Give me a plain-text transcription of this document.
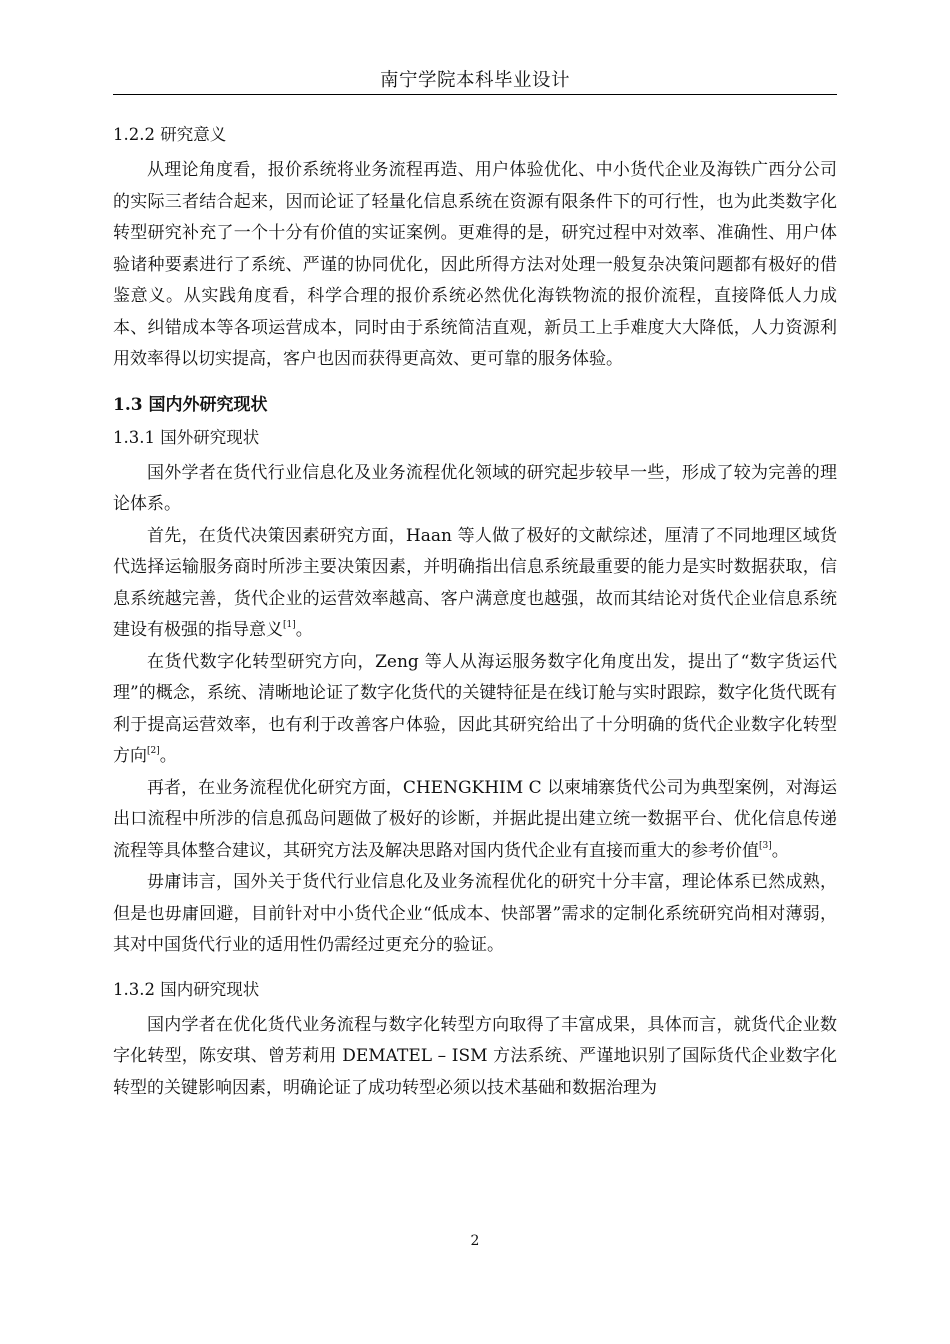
南宁学院本科毕业设计
1.2.2 研究意义

从理论角度看，报价系统将业务流程再造、用户体验优化、中小货代企业及海铁广西分公司的实际三者结合起来，因而论证了轻量化信息系统在资源有限条件下的可行性，也为此类数字化转型研究补充了一个十分有价值的实证案例。更难得的是，研究过程中对效率、准确性、用户体验诸种要素进行了系统、严谨的协同优化，因此所得方法对处理一般复杂决策问题都有极好的借鉴意义。从实践角度看，科学合理的报价系统必然优化海铁物流的报价流程，直接降低人力成本、纠错成本等各项运营成本，同时由于系统简洁直观，新员工上手难度大大降低，人力资源利用效率得以切实提高，客户也因而获得更高效、更可靠的服务体验。

1.3 国内外研究现状
1.3.1 国外研究现状

国外学者在货代行业信息化及业务流程优化领域的研究起步较早一些，形成了较为完善的理论体系。

首先，在货代决策因素研究方面，Haan 等人做了极好的文献综述，厘清了不同地理区域货代选择运输服务商时所涉主要决策因素，并明确指出信息系统最重要的能力是实时数据获取，信息系统越完善，货代企业的运营效率越高、客户满意度也越强，故而其结论对货代企业信息系统建设有极强的指导意义[1]。

在货代数字化转型研究方向，Zeng 等人从海运服务数字化角度出发，提出了“数字货运代理”的概念，系统、清晰地论证了数字化货代的关键特征是在线订舱与实时跟踪，数字化货代既有利于提高运营效率，也有利于改善客户体验，因此其研究给出了十分明确的货代企业数字化转型方向[2]。

再者，在业务流程优化研究方面，CHENGKHIM C 以柬埔寨货代公司为典型案例，对海运出口流程中所涉的信息孤岛问题做了极好的诊断，并据此提出建立统一数据平台、优化信息传递流程等具体整合建议，其研究方法及解决思路对国内货代企业有直接而重大的参考价值[3]。

毋庸讳言，国外关于货代行业信息化及业务流程优化的研究十分丰富，理论体系已然成熟，但是也毋庸回避，目前针对中小货代企业“低成本、快部署”需求的定制化系统研究尚相对薄弱，其对中国货代行业的适用性仍需经过更充分的验证。

1.3.2 国内研究现状

国内学者在优化货代业务流程与数字化转型方向取得了丰富成果，具体而言，就货代企业数字化转型，陈安琪、曾芳莉用 DEMATEL – ISM 方法系统、严谨地识别了国际货代企业数字化转型的关键影响因素，明确论证了成功转型必须以技术基础和数据治理为

2
